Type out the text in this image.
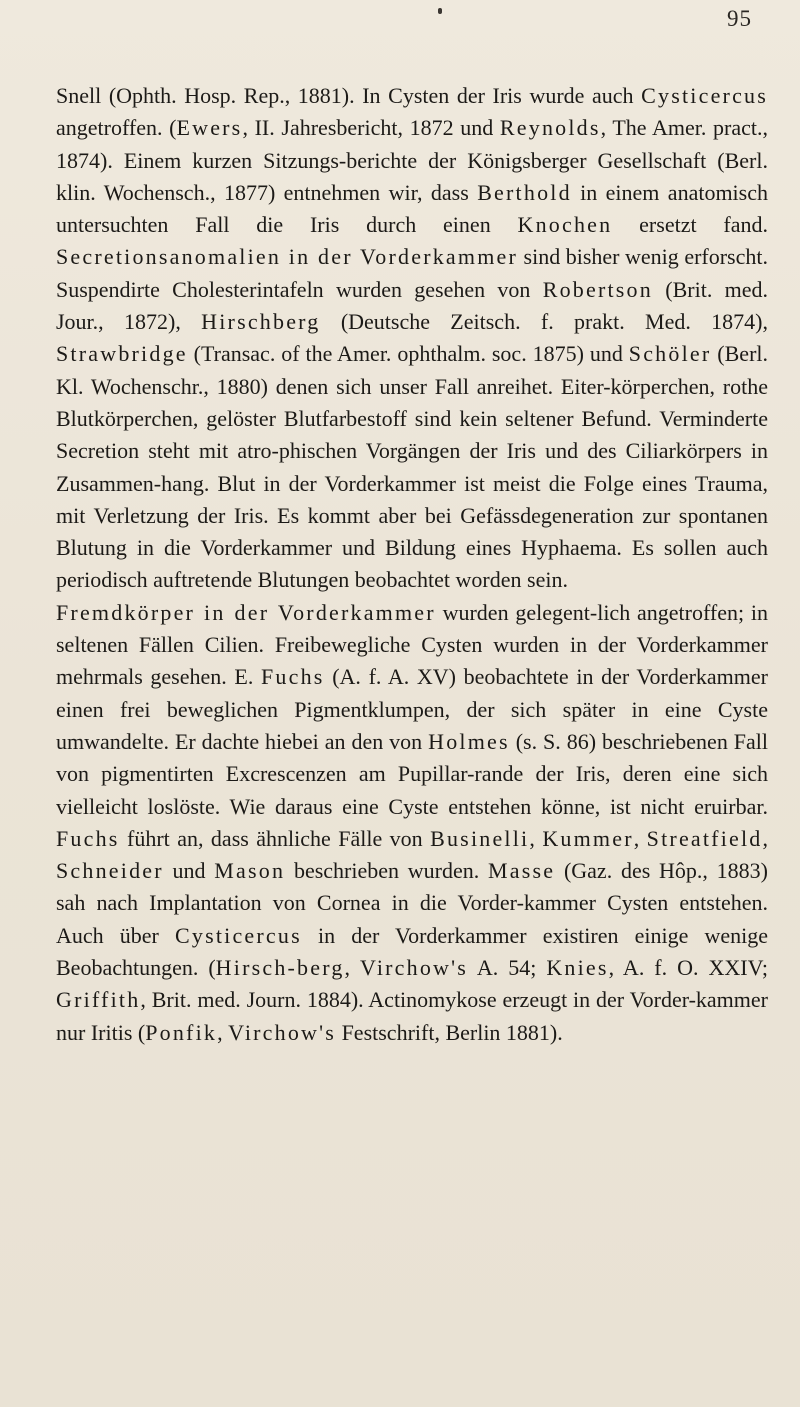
95

Snell (Ophth. Hosp. Rep., 1881). In Cysten der Iris wurde auch Cysticercus angetroffen. (Ewers, II. Jahresbericht, 1872 und Reynolds, The Amer. pract., 1874). Einem kurzen Sitzungs-berichte der Königsberger Gesellschaft (Berl. klin. Wochensch., 1877) entnehmen wir, dass Berthold in einem anatomisch untersuchten Fall die Iris durch einen Knochen ersetzt fand. Secretionsanomalien in der Vorderkammer sind bisher wenig erforscht. Suspendirte Cholesterintafeln wurden gesehen von Robertson (Brit. med. Jour., 1872), Hirschberg (Deutsche Zeitsch. f. prakt. Med. 1874), Strawbridge (Transac. of the Amer. ophthalm. soc. 1875) und Schöler (Berl. Kl. Wochenschr., 1880) denen sich unser Fall anreihet. Eiter-körperchen, rothe Blutkörperchen, gelöster Blutfarbestoff sind kein seltener Befund. Verminderte Secretion steht mit atro-phischen Vorgängen der Iris und des Ciliarkörpers in Zusammen-hang. Blut in der Vorderkammer ist meist die Folge eines Trauma, mit Verletzung der Iris. Es kommt aber bei Gefässdegeneration zur spontanen Blutung in die Vorderkammer und Bildung eines Hyphaema. Es sollen auch periodisch auftretende Blutungen beobachtet worden sein.

Fremdkörper in der Vorderkammer wurden gelegent-lich angetroffen; in seltenen Fällen Cilien. Freibewegliche Cysten wurden in der Vorderkammer mehrmals gesehen. E. Fuchs (A. f. A. XV) beobachtete in der Vorderkammer einen frei beweglichen Pigmentklumpen, der sich später in eine Cyste umwandelte. Er dachte hiebei an den von Holmes (s. S. 86) beschriebenen Fall von pigmentirten Excrescenzen am Pupillar-rande der Iris, deren eine sich vielleicht loslöste. Wie daraus eine Cyste entstehen könne, ist nicht eruirbar. Fuchs führt an, dass ähnliche Fälle von Businelli, Kummer, Streatfield, Schneider und Mason beschrieben wurden. Masse (Gaz. des Hôp., 1883) sah nach Implantation von Cornea in die Vorder-kammer Cysten entstehen. Auch über Cysticercus in der Vorderkammer existiren einige wenige Beobachtungen. (Hirsch-berg, Virchow's A. 54; Knies, A. f. O. XXIV; Griffith, Brit. med. Journ. 1884). Actinomykose erzeugt in der Vorder-kammer nur Iritis (Ponfik, Virchow's Festschrift, Berlin 1881).
